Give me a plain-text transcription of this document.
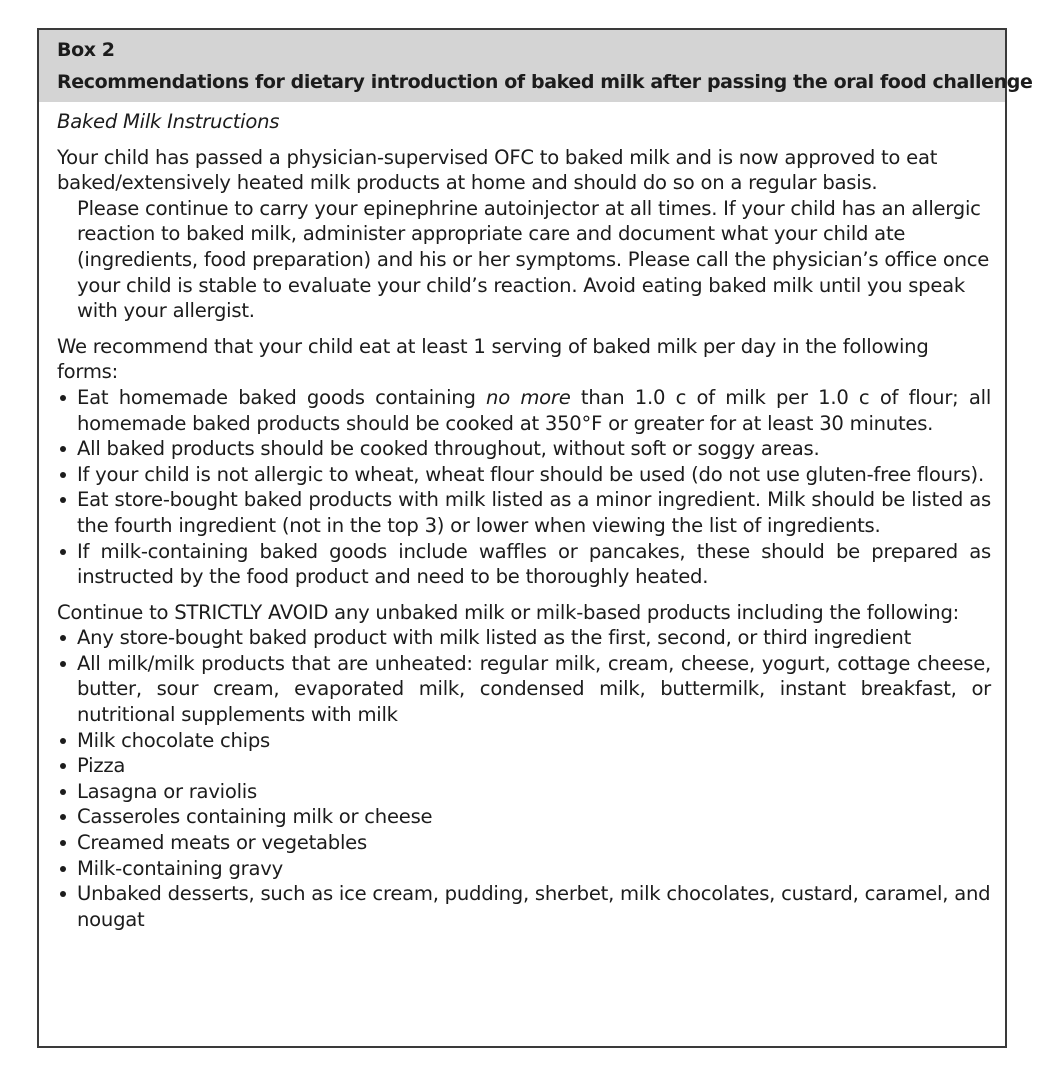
Box 2
Recommendations for dietary introduction of baked milk after passing the oral food challenge
Baked Milk Instructions

Your child has passed a physician-supervised OFC to baked milk and is now approved to eat baked/extensively heated milk products at home and should do so on a regular basis.

Please continue to carry your epinephrine autoinjector at all times. If your child has an allergic reaction to baked milk, administer appropriate care and document what your child ate (ingredients, food preparation) and his or her symptoms. Please call the physician’s office once your child is stable to evaluate your child’s reaction. Avoid eating baked milk until you speak with your allergist.

We recommend that your child eat at least 1 serving of baked milk per day in the following forms:

Eat homemade baked goods containing no more than 1.0 c of milk per 1.0 c of flour; all homemade baked products should be cooked at 350°F or greater for at least 30 minutes.

All baked products should be cooked throughout, without soft or soggy areas.

If your child is not allergic to wheat, wheat flour should be used (do not use gluten-free flours).

Eat store-bought baked products with milk listed as a minor ingredient. Milk should be listed as the fourth ingredient (not in the top 3) or lower when viewing the list of ingredients.

If milk-containing baked goods include waffles or pancakes, these should be prepared as instructed by the food product and need to be thoroughly heated.

Continue to STRICTLY AVOID any unbaked milk or milk-based products including the following:

Any store-bought baked product with milk listed as the first, second, or third ingredient

All milk/milk products that are unheated: regular milk, cream, cheese, yogurt, cottage cheese, butter, sour cream, evaporated milk, condensed milk, buttermilk, instant breakfast, or nutritional supplements with milk

Milk chocolate chips

Pizza

Lasagna or raviolis

Casseroles containing milk or cheese

Creamed meats or vegetables

Milk-containing gravy

Unbaked desserts, such as ice cream, pudding, sherbet, milk chocolates, custard, caramel, and nougat
